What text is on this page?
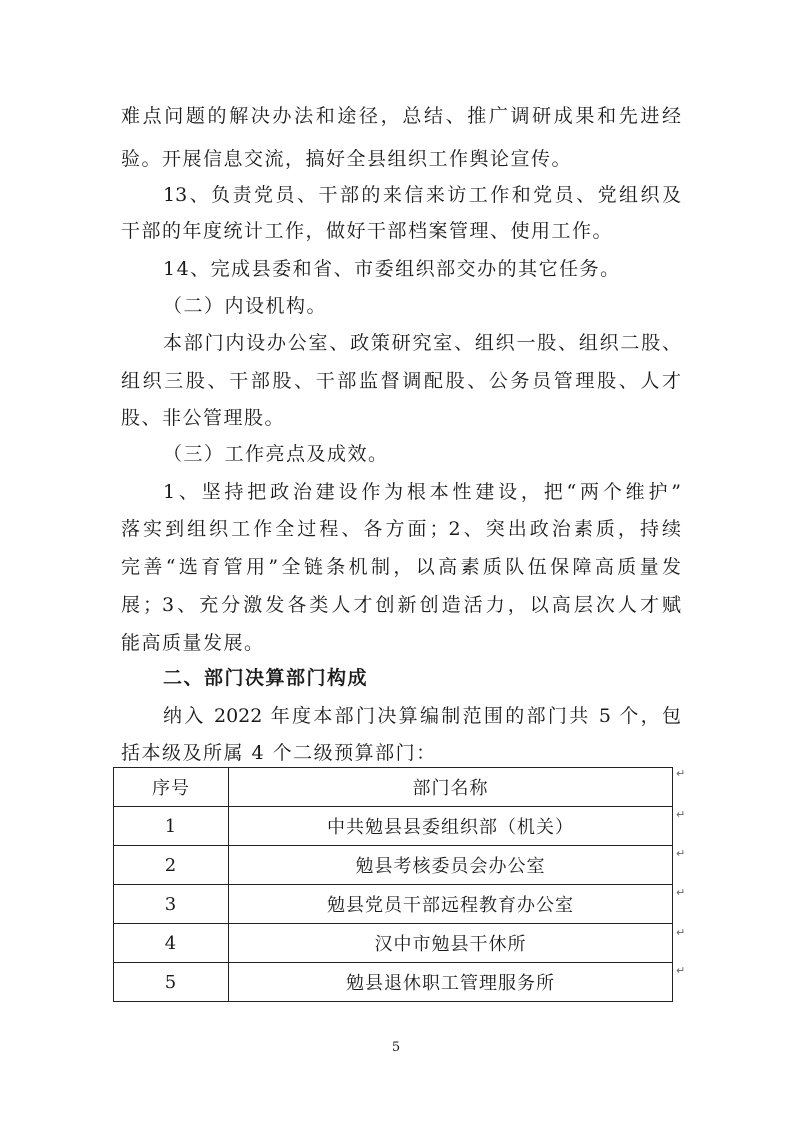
难点问题的解决办法和途径，总结、推广调研成果和先进经
验。开展信息交流，搞好全县组织工作舆论宣传。
13、负责党员、干部的来信来访工作和党员、党组织及
干部的年度统计工作，做好干部档案管理、使用工作。
14、完成县委和省、市委组织部交办的其它任务。
（二）内设机构。
本部门内设办公室、政策研究室、组织一股、组织二股、
组织三股、干部股、干部监督调配股、公务员管理股、人才
股、非公管理股。
（三）工作亮点及成效。
1、坚持把政治建设作为根本性建设，把“两个维护”
落实到组织工作全过程、各方面；2、突出政治素质，持续
完善“选育管用”全链条机制，以高素质队伍保障高质量发
展；3、充分激发各类人才创新创造活力，以高层次人才赋
能高质量发展。
二、部门决算部门构成
纳入 2022 年度本部门决算编制范围的部门共 5 个，包
括本级及所属 4 个二级预算部门：
序号	部门名称
1	中共勉县县委组织部（机关）
2	勉县考核委员会办公室
3	勉县党员干部远程教育办公室
4	汉中市勉县干休所
5	勉县退休职工管理服务所
↵
↵
↵
↵
↵
↵
5
